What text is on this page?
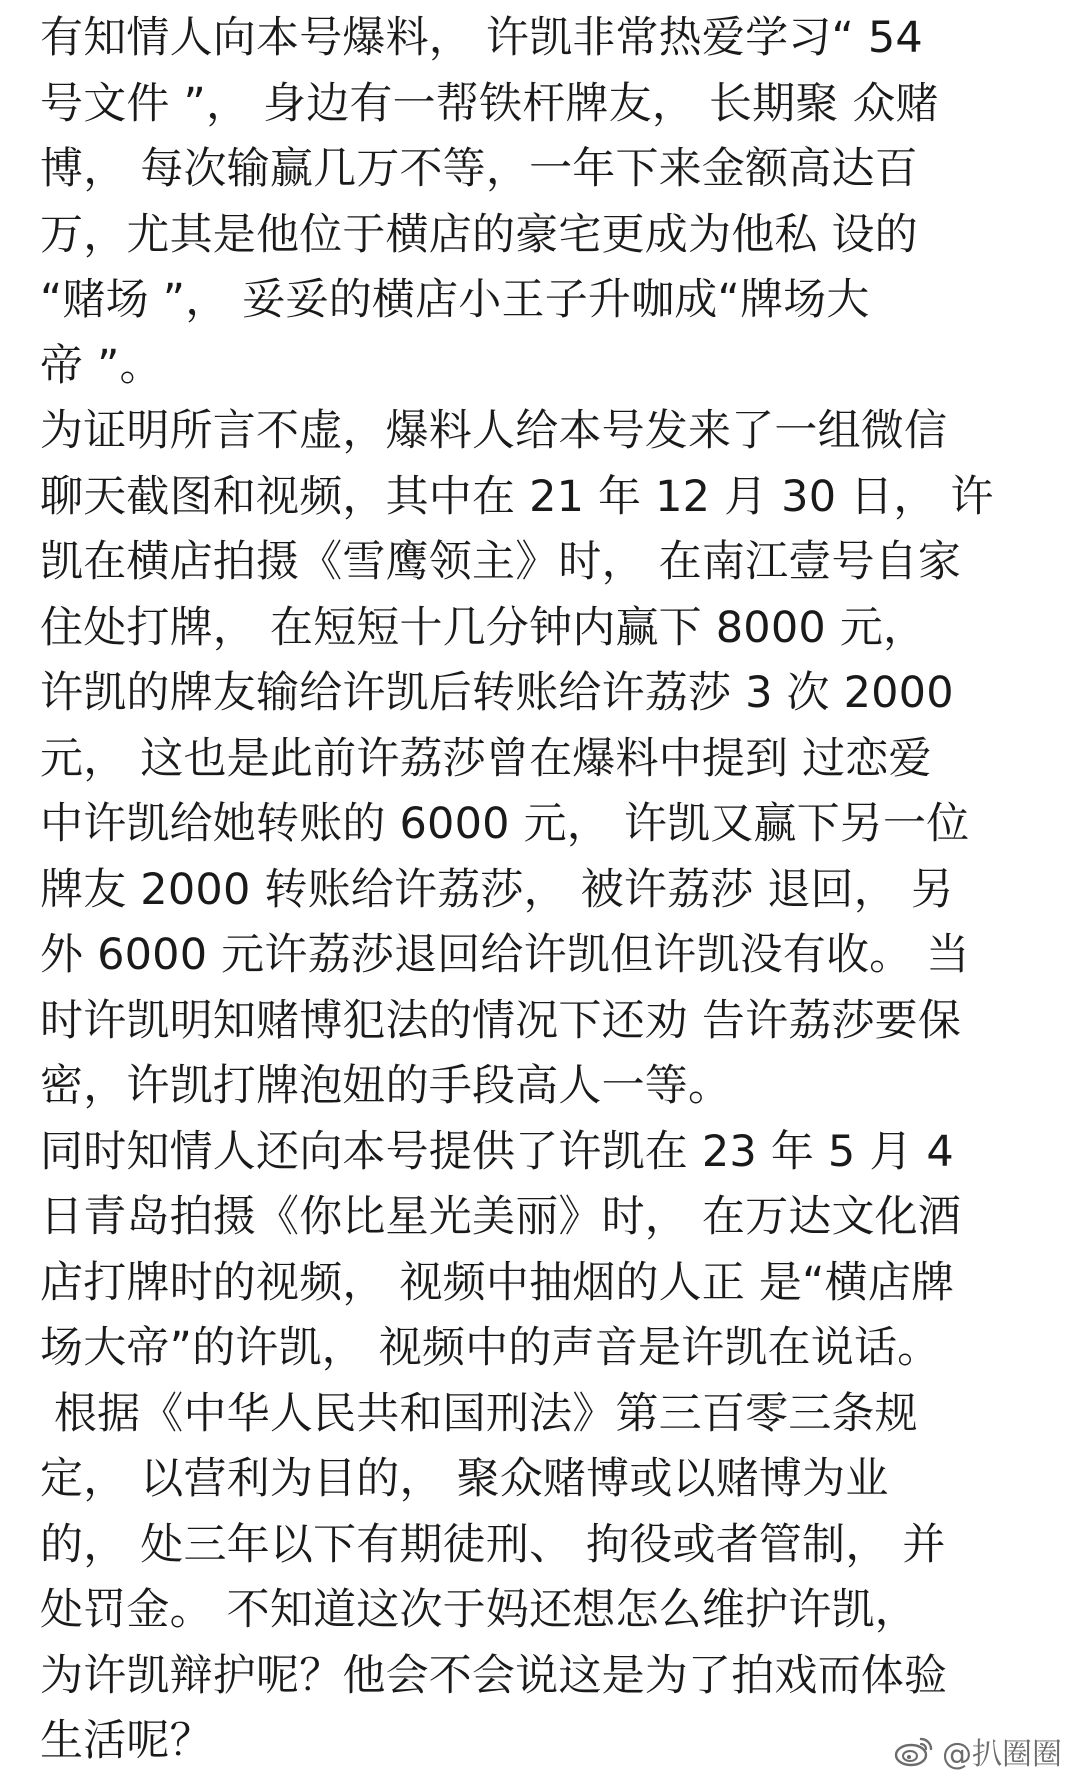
有知情人向本号爆料， 许凯非常热爱学习“ 54
号文件 ”， 身边有一帮铁杆牌友， 长期聚 众赌
博， 每次输赢几万不等，一年下来金额高达百
万，尤其是他位于横店的豪宅更成为他私 设的
“赌场 ”， 妥妥的横店小王子升咖成“牌场大
帝 ”。
为证明所言不虚，爆料人给本号发来了一组微信
聊天截图和视频，其中在 21 年 12 月 30 日， 许
凯在横店拍摄《雪鹰领主》时， 在南江壹号自家
住处打牌， 在短短十几分钟内赢下 8000 元，
许凯的牌友输给许凯后转账给许荔莎 3 次 2000
元， 这也是此前许荔莎曾在爆料中提到 过恋爱
中许凯给她转账的 6000 元， 许凯又赢下另一位
牌友 2000 转账给许荔莎， 被许荔莎 退回， 另
外 6000 元许荔莎退回给许凯但许凯没有收。 当
时许凯明知赌博犯法的情况下还劝 告许荔莎要保
密，许凯打牌泡妞的手段高人一等。
同时知情人还向本号提供了许凯在 23 年 5 月 4
日青岛拍摄《你比星光美丽》时， 在万达文化酒
店打牌时的视频， 视频中抽烟的人正 是“横店牌
场大帝”的许凯， 视频中的声音是许凯在说话。
根据《中华人民共和国刑法》第三百零三条规
定， 以营利为目的， 聚众赌博或以赌博为业
的， 处三年以下有期徒刑、 拘役或者管制， 并
处罚金。 不知道这次于妈还想怎么维护许凯，
为许凯辩护呢？他会不会说这是为了拍戏而体验
生活呢？	@扒圈圈
